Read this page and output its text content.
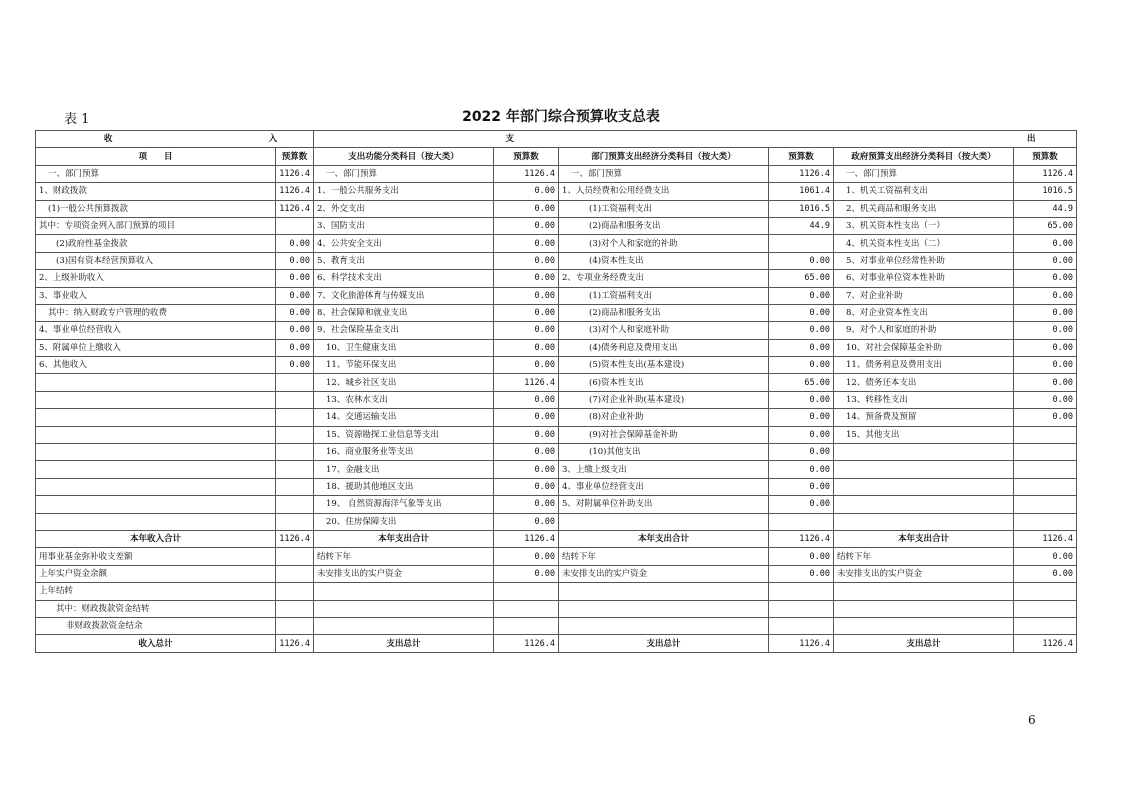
表 1	2022 年部门综合预算收支总表
收 入		支 出					
项　　目	预算数	支出功能分类科目（按大类）	预算数	部门预算支出经济分类科目（按大类）	预算数	政府预算支出经济分类科目（按大类）	预算数
一、部门预算	1126.4	一、部门预算	1126.4	一、部门预算	1126.4	一、部门预算	1126.4
1、财政拨款	1126.4	1、一般公共服务支出	0.00	1、人员经费和公用经费支出	1061.4	1、机关工资福利支出	1016.5
(1)一般公共预算拨款	1126.4	2、外交支出	0.00	(1)工资福利支出	1016.5	2、机关商品和服务支出	44.9
其中：专项资金列入部门预算的项目		3、国防支出	0.00	(2)商品和服务支出	44.9	3、机关资本性支出（一）	65.00
(2)政府性基金拨款	0.00	4、公共安全支出	0.00	(3)对个人和家庭的补助		4、机关资本性支出（二）	0.00
(3)国有资本经营预算收入	0.00	5、教育支出	0.00	(4)资本性支出	0.00	5、对事业单位经常性补助	0.00
2、上级补助收入	0.00	6、科学技术支出	0.00	2、专项业务经费支出	65.00	6、对事业单位资本性补助	0.00
3、事业收入	0.00	7、文化旅游体育与传媒支出	0.00	(1)工资福利支出	0.00	7、对企业补助	0.00
其中：纳入财政专户管理的收费	0.00	8、社会保障和就业支出	0.00	(2)商品和服务支出	0.00	8、对企业资本性支出	0.00
4、事业单位经营收入	0.00	9、社会保险基金支出	0.00	(3)对个人和家庭补助	0.00	9、对个人和家庭的补助	0.00
5、附属单位上缴收入	0.00	10、卫生健康支出	0.00	(4)债务利息及费用支出	0.00	10、对社会保障基金补助	0.00
6、其他收入	0.00	11、节能环保支出	0.00	(5)资本性支出(基本建设)	0.00	11、债务利息及费用支出	0.00
		12、城乡社区支出	1126.4	(6)资本性支出	65.00	12、债务还本支出	0.00
		13、农林水支出	0.00	(7)对企业补助(基本建设)	0.00	13、转移性支出	0.00
		14、交通运输支出	0.00	(8)对企业补助	0.00	14、预备费及预留	0.00
		15、资源勘探工业信息等支出	0.00	(9)对社会保障基金补助	0.00	15、其他支出	
		16、商业服务业等支出	0.00	(10)其他支出	0.00		
		17、金融支出	0.00	3、上缴上级支出	0.00		
		18、援助其他地区支出	0.00	4、事业单位经营支出	0.00		
		19、 自然资源海洋气象等支出	0.00	5、对附属单位补助支出	0.00		
		20、住房保障支出	0.00				
本年收入合计	1126.4	本年支出合计	1126.4	本年支出合计	1126.4	本年支出合计	1126.4
用事业基金弥补收支差额		结转下年	0.00	结转下年	0.00	结转下年	0.00
上年实户资金余额		未安排支出的实户资金	0.00	未安排支出的实户资金	0.00	未安排支出的实户资金	0.00
上年结转							
其中：财政拨款资金结转							
非财政拨款资金结余							
收入总计	1126.4	支出总计	1126.4	支出总计	1126.4	支出总计	1126.4
6
